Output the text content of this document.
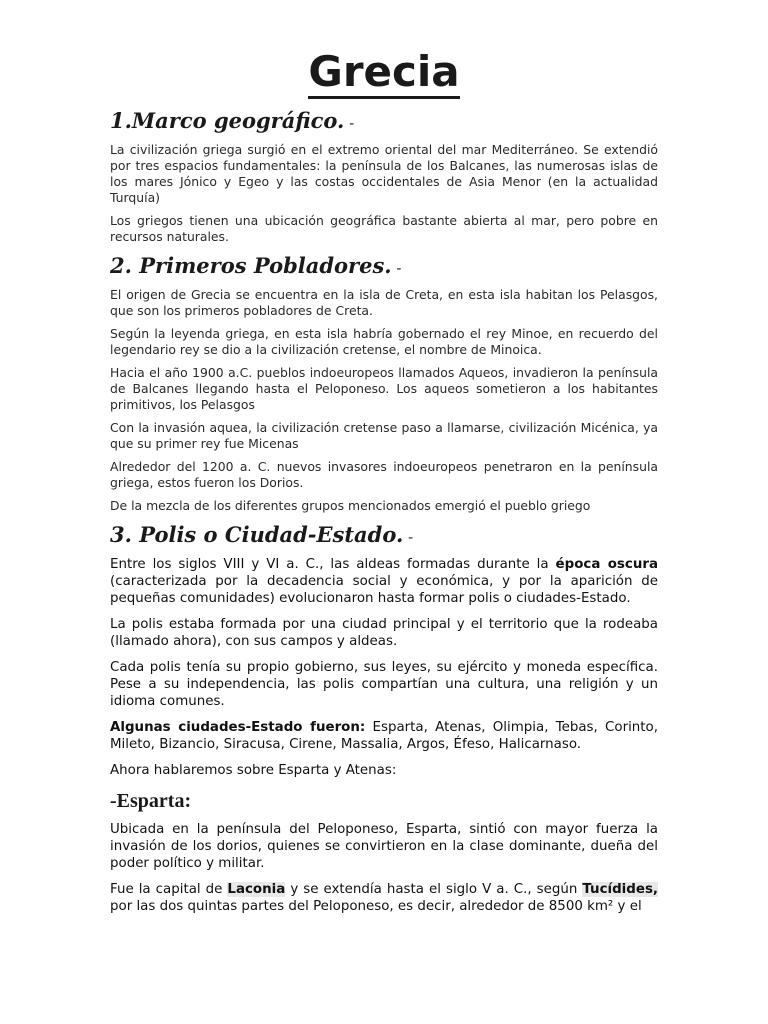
Grecia
1.Marco geográfico. -

La civilización griega surgió en el extremo oriental del mar Mediterráneo. Se extendió por tres espacios fundamentales: la península de los Balcanes, las numerosas islas de los mares Jónico y Egeo y las costas occidentales de Asia Menor (en la actualidad Turquía)

Los griegos tienen una ubicación geográfica bastante abierta al mar, pero pobre en recursos naturales.

2. Primeros Pobladores. -

El origen de Grecia se encuentra en la isla de Creta, en esta isla habitan los Pelasgos, que son los primeros pobladores de Creta.

Según la leyenda griega, en esta isla habría gobernado el rey Minoe, en recuerdo del legendario rey se dio a la civilización cretense, el nombre de Minoica.

Hacia el año 1900 a.C. pueblos indoeuropeos llamados Aqueos, invadieron la península de Balcanes llegando hasta el Peloponeso. Los aqueos sometieron a los habitantes primitivos, los Pelasgos

Con la invasión aquea, la civilización cretense paso a llamarse, civilización Micénica, ya que su primer rey fue Micenas

Alrededor del 1200 a. C. nuevos invasores indoeuropeos penetraron en la península griega, estos fueron los Dorios.

De la mezcla de los diferentes grupos mencionados emergió el pueblo griego

3. Polis o Ciudad-Estado. -

Entre los siglos VIII y VI a. C., las aldeas formadas durante la época oscura (caracterizada por la decadencia social y económica, y por la aparición de pequeñas comunidades) evolucionaron hasta formar polis o ciudades-Estado.

La polis estaba formada por una ciudad principal y el territorio que la rodeaba (llamado ahora), con sus campos y aldeas.

Cada polis tenía su propio gobierno, sus leyes, su ejército y moneda específica. Pese a su independencia, las polis compartían una cultura, una religión y un idioma comunes.

Algunas ciudades-Estado fueron: Esparta, Atenas, Olimpia, Tebas, Corinto, Mileto, Bizancio, Siracusa, Cirene, Massalia, Argos, Éfeso, Halicarnaso.

Ahora hablaremos sobre Esparta y Atenas:

-Esparta:

Ubicada en la península del Peloponeso, Esparta, sintió con mayor fuerza la invasión de los dorios, quienes se convirtieron en la clase dominante, dueña del poder político y militar.

Fue la capital de Laconia y se extendía hasta el siglo V a. C., según Tucídides, por las dos quintas partes del Peloponeso, es decir, alrededor de 8500 km² y el
